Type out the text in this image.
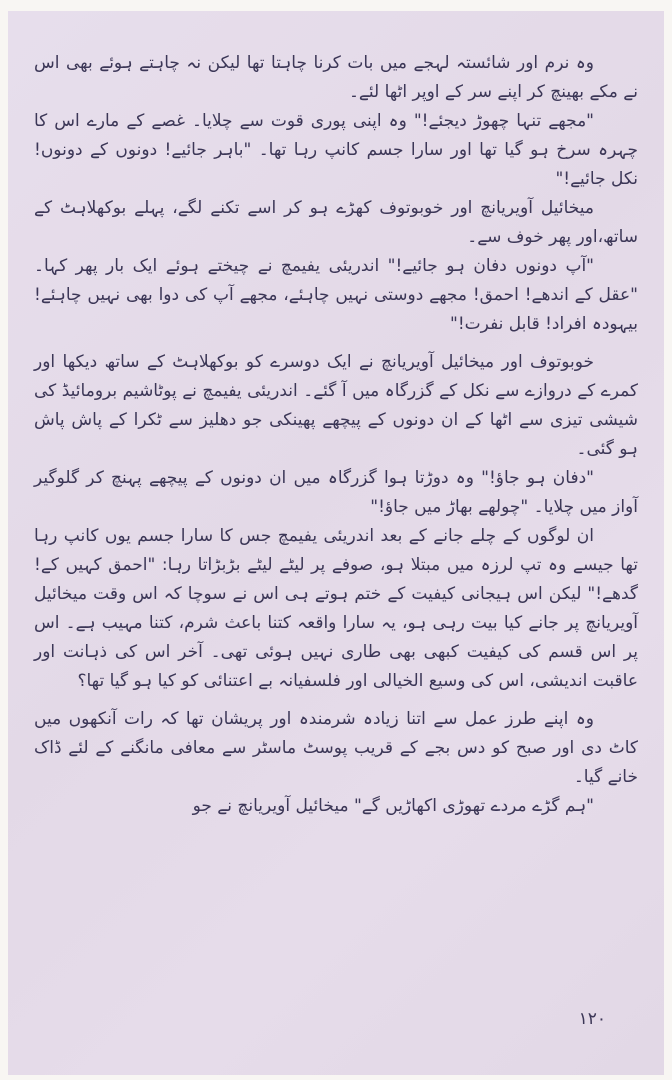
وہ نرم اور شائستہ لہجے میں بات کرنا چاہتا تھا لیکن نہ چاہتے ہوئے بھی اس نے مکے بھینچ کر اپنے سر کے اوپر اٹھا لئے۔

"مجھے تنہا چھوڑ دیجئے!" وہ اپنی پوری قوت سے چلایا۔ غصے کے مارے اس کا چہرہ سرخ ہو گیا تھا اور سارا جسم کانپ رہا تھا۔ "باہر جائیے! دونوں کے دونوں! نکل جائیے!"

میخائیل آویریانچ اور خوبوتوف کھڑے ہو کر اسے تکنے لگے، پہلے بوکھلاہٹ کے ساتھ،اور پھر خوف سے۔

"آپ دونوں دفان ہو جائیے!" اندریئی یفیمچ نے چیختے ہوئے ایک بار پھر کہا۔ "عقل کے اندھے! احمق! مجھے دوستی نہیں چاہئے، مجھے آپ کی دوا بھی نہیں چاہئے! بیہودہ افراد! قابل نفرت!"

خوبوتوف اور میخائیل آویریانچ نے ایک دوسرے کو بوکھلاہٹ کے ساتھ دیکھا اور کمرے کے دروازے سے نکل کے گزرگاہ میں آ گئے۔ اندریئی یفیمچ نے پوٹاشیم برومائیڈ کی شیشی تیزی سے اٹھا کے ان دونوں کے پیچھے پھینکی جو دھلیز سے ٹکرا کے پاش پاش ہو گئی۔

"دفان ہو جاؤ!" وہ دوڑتا ہوا گزرگاہ میں ان دونوں کے پیچھے پہنچ کر گلوگیر آواز میں چلایا۔ "چولھے بھاڑ میں جاؤ!"

ان لوگوں کے چلے جانے کے بعد اندریئی یفیمچ جس کا سارا جسم یوں کانپ رہا تھا جیسے وہ تپ لرزہ میں مبتلا ہو، صوفے پر لیٹے لیٹے بڑبڑاتا رہا: "احمق کہیں کے! گدھے!" لیکن اس ہیجانی کیفیت کے ختم ہوتے ہی اس نے سوچا کہ اس وقت میخائیل آویریانچ پر جانے کیا بیت رہی ہو، یہ سارا واقعہ کتنا باعث شرم، کتنا مہیب ہے۔ اس پر اس قسم کی کیفیت کبھی بھی طاری نہیں ہوئی تھی۔ آخر اس کی ذہانت اور عاقبت اندیشی، اس کی وسیع الخیالی اور فلسفیانہ بے اعتنائی کو کیا ہو گیا تھا؟

وہ اپنے طرز عمل سے اتنا زیادہ شرمندہ اور پریشان تھا کہ رات آنکھوں میں کاٹ دی اور صبح کو دس بجے کے قریب پوسٹ ماسٹر سے معافی مانگنے کے لئے ڈاک خانے گیا۔

"ہم گڑے مردے تھوڑی اکھاڑیں گے" میخائیل آویریانچ نے جو

۱۲۰
